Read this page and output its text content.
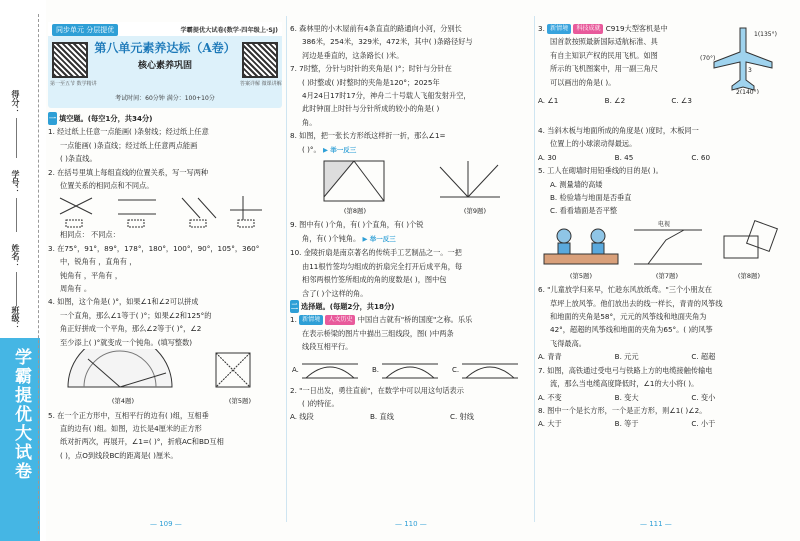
得分：
学号：
姓名：
班级：
学霸提优大试卷
同步单元 分层提优	学霸提优大试卷(数学·四年级上·SJ)
第一至五节 数学精讲
第八单元素养达标（A卷）
核心素养巩固
考试时间：60分钟 满分：100+10分
答案详解 微课讲解

一 填空题。(每空1分，共34分)

1. 经过纸上任意一点能画( )条射线；经过纸上任意

一点能画( )条直线；经过纸上任意两点能画

( )条直线。

2. 在括号里填上每组直线的位置关系，写一写两种

位置关系的相同点和不同点。

相同点： 不同点：

3. 在75°，91°，89°，178°，180°，100°，90°，105°，360°

中，锐角有 ，直角有 ，

钝角有 ，平角有 ，

周角有 。

4. 如图，这个角是( )°，如果∠1和∠2可以拼成

一个直角，那么∠1等于( )°；如果∠2和125°的

角正好拼成一个平角，那么∠2等于( )°，∠2

至少添上( )°就变成一个钝角。(填写整数)

(第4题)	(第5题)

5. 在一个正方形中，互相平行的边有( )组，互相垂

直的边有( )组。如图，边长是4厘米的正方形

纸对折两次，再展开，∠1=( )°，折痕AC和BD互相

( )，点O到线段BC的距离是( )厘米。

— 109 —

6. 森林里的小木屋前有4条直直的路通向小河，分别长

386米，254米，329米，472米，其中( )条路径好与

河边是垂直的，这条路长( )米。

7. 7时整，分针与时针的夹角是( )°；时针与分针在

( )时整或( )时整时的夹角是120°；2025年

4月24日17时17分，神舟二十号载人飞船发射升空，

此时钟面上时针与分针所成的较小的角是( )

角。

8. 如图，把一张长方形纸这样折一折，那么∠1=

( )°。 ▶ 举一反三

(第8题)	(第9题)

9. 图中有( )个角，有( )个直角，有( )个锐

角，有( )个钝角。 ▶ 举一反三

10. 金陵折扇是南京著名的传统手工艺制品之一。一把

由11根竹签均匀组成的折扇完全打开后成平角，每

相邻两根竹签所组成的角的度数是( )，图中包

含了( )个这样的角。

二 选择题。(每题2分，共18分)

1. 新情境 人文历史 中国自古就有"桥的国度"之称。乐乐

在表示桥梁的图片中描出三组线段，图( )中两条

线段互相平行。

A.	B.	C.

2. "一日出发，勇往直前"，在数学中可以用这句话表示

( )的特征。

A. 线段	B. 直线	C. 射线
— 110 —

3. 新情境 科技成就 C919大型客机是中

国首款按照最新国际适航标准、具

有自主知识产权的民用飞机。如图

所示的飞机图案中，用一副三角尺

可以画出的角是( )。

1(135°)
(70°)
3
2(140°)
A. ∠1	B. ∠2	C. ∠3

4. 当斜木板与地面所成的角度是( )度时，木板同一

位置上的小球滚动得最远。

A. 30	B. 45	C. 60

5. 工人在砌墙时用铅垂线的目的是( )。

A. 测量墙的高矮

B. 检验墙与地面是否垂直

C. 看看墙面是否平整

电视
(第5题)	(第7题)	(第8题)

6. "儿童放学归来早，忙趁东风放纸鸢。"三个小朋友在

草坪上放风筝。他们放出去的线一样长，青青的风筝线

和地面的夹角是58°，元元的风筝线和地面夹角为

42°，超超的风筝线和地面的夹角为65°。( )的风筝

飞得最高。

A. 青青	B. 元元	C. 超超

7. 如图，高铁通过受电弓与铁路上方的电缆接触传输电

流，那么当电缆高度降低时，∠1的大小将( )。

A. 不变	B. 变大	C. 变小

8. 图中一个是长方形，一个是正方形，则∠1( )∠2。

A. 大于	B. 等于	C. 小于
— 111 —
